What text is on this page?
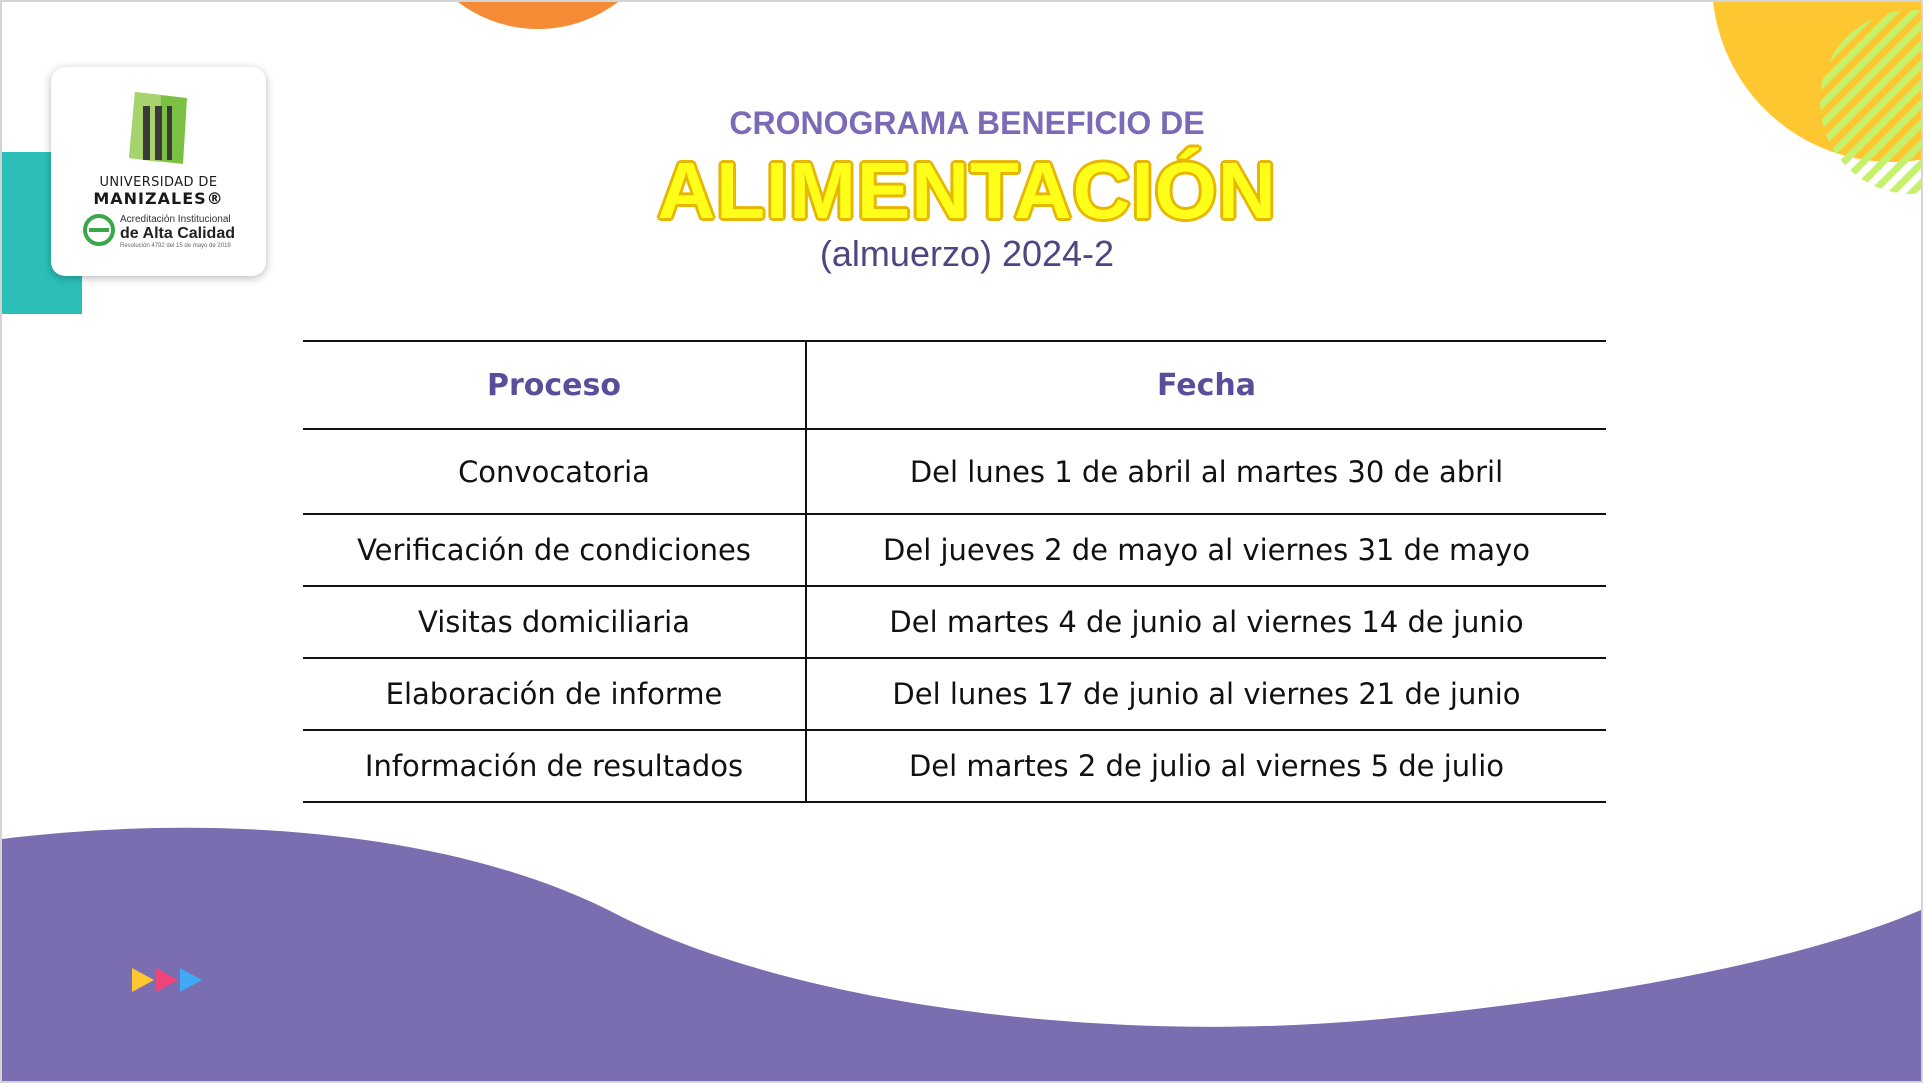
UNIVERSIDAD DE
MANIZALES®
Acreditación Institucional
de Alta Calidad
Resolución 4792 del 15 de mayo de 2019
CRONOGRAMA BENEFICIO DE
ALIMENTACIÓN
(almuerzo) 2024-2
Proceso	Fecha
Convocatoria	Del lunes 1 de abril al martes 30 de abril
Verificación de condiciones	Del jueves 2 de mayo al viernes 31 de mayo
Visitas domiciliaria	Del martes 4 de junio al viernes 14 de junio
Elaboración de informe	Del lunes 17 de junio al viernes 21 de junio
Información de resultados	Del martes 2 de julio al viernes 5 de julio
